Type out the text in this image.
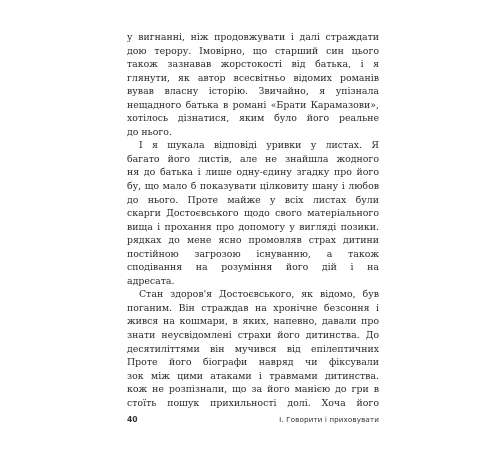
у вигнанні, ніж продовжувати і далі страждати
дою терору. Імовірно, що старший син цього
також зазнавав жорстокості від батька, і я
глянути, як автор всесвітньо відомих романів
вував власну історію. Звичайно, я упізнала
нещадного батька в романі «Брати Карамазови»,
хотілось дізнатися, яким було його реальне
до нього.
І я шукала відповіді уривки у листах. Я
багато його листів, але не знайшла жодного
ня до батька і лише одну-єдину згадку про його
бу, що мало б показувати цілковиту шану і любов
до нього. Проте майже у всіх листах були
скарги Достоєвського щодо свого матеріального
вища і прохання про допомогу у вигляді позики.
рядках до мене ясно промовляв страх дитини
постійною загрозою існуванню, а також
сподівання на розуміння його дій і на
адресата.
Стан здоров'я Достоєвського, як відомо, був
поганим. Він страждав на хронічне безсоння і
жився на кошмари, в яких, напевно, давали про
знати неусвідомлені страхи його дитинства. До
десятиліттями він мучився від епілептичних
Проте його біографи навряд чи фіксували
зок між цими атаками і травмами дитинства.
кож не розпізнали, що за його манією до гри в
стоїть пошук прихильності долі. Хоча його
40	І. Говорити і приховувати
